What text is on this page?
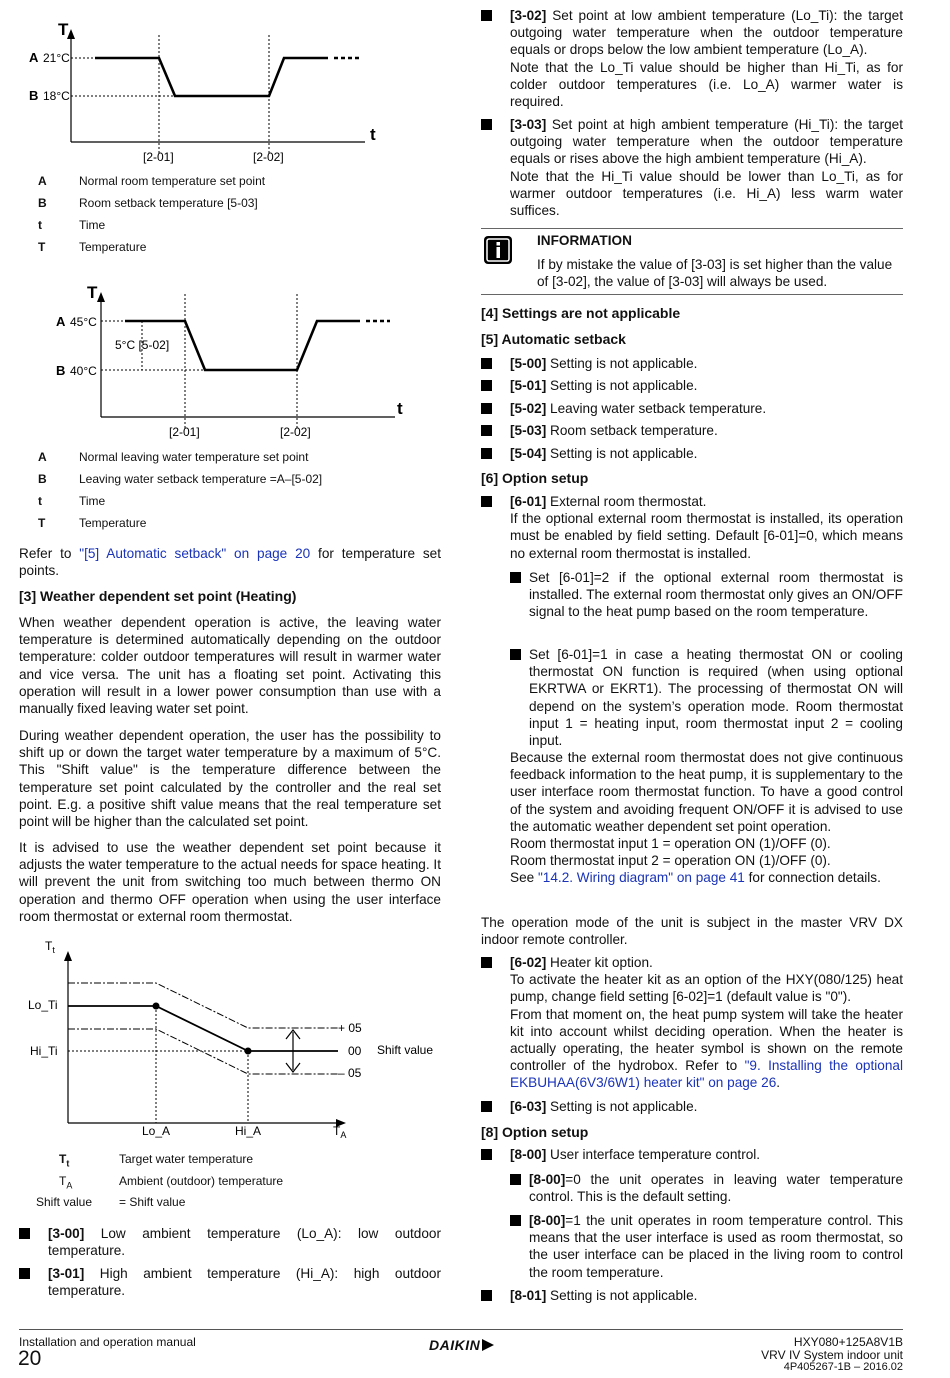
T
t
A 21°C
B 18°C
[2-01]	[2-02]
A	Normal room temperature set point
B	Room setback temperature [5-03]
t	Time
T	Temperature
T
t
A 45°C
B 40°C
5°C [5-02]
[2-01]	[2-02]
A	Normal leaving water temperature set point
B	Leaving water setback temperature =A–[5-02]
t	Time
T	Temperature

Refer to "[5] Automatic setback" on page 20 for temperature set points.

[3] Weather dependent set point (Heating)

When weather dependent operation is active, the leaving water temperature is determined automatically depending on the outdoor temperature: colder outdoor temperatures will result in warmer water and vice versa. The unit has a floating set point. Activating this operation will result in a lower power consumption than use with a manually fixed leaving water set point.

During weather dependent operation, the user has the possibility to shift up or down the target water temperature by a maximum of 5°C. This "Shift value" is the temperature difference between the temperature set point calculated by the controller and the real set point. E.g. a positive shift value means that the real temperature set point will be higher than the calculated set point.

It is advised to use the weather dependent set point because it adjusts the water temperature to the actual needs for space heating. It will prevent the unit from switching too much between thermo ON operation and thermo OFF operation when using the user interface room thermostat or external room thermostat.

$T_t$
Lo_Ti
Hi_Ti
+ 05
00
– 05
Shift value
Lo_A	Hi_A	$T_A$
$T_t$	Target water temperature
$T_A$	Ambient (outdoor) temperature
Shift value = Shift value
[3-00] Low ambient temperature (Lo_A): low outdoor temperature.
[3-01] High ambient temperature (Hi_A): high outdoor temperature.
[3-02] Set point at low ambient temperature (Lo_Ti): the target outgoing water temperature when the outdoor temperature equals or drops below the low ambient temperature (Lo_A).
Note that the Lo_Ti value should be higher than Hi_Ti, as for colder outdoor temperatures (i.e. Lo_A) warmer water is required.
[3-03] Set point at high ambient temperature (Hi_Ti): the target outgoing water temperature when the outdoor temperature equals or rises above the high ambient temperature (Hi_A).
Note that the Hi_Ti value should be lower than Lo_Ti, as for warmer outdoor temperatures (i.e. Hi_A) less warm water suffices.
INFORMATION
If by mistake the value of [3-03] is set higher than the value of [3-02], the value of [3-03] will always be used.

[4] Settings are not applicable

[5] Automatic setback

[5-00] Setting is not applicable.
[5-01] Setting is not applicable.
[5-02] Leaving water setback temperature.
[5-03] Room setback temperature.
[5-04] Setting is not applicable.

[6] Option setup

[6-01] External room thermostat.
If the optional external room thermostat is installed, its operation must be enabled by field setting. Default [6-01]=0, which means no external room thermostat is installed.
Set [6-01]=2 if the optional external room thermostat is installed. The external room thermostat only gives an ON/OFF signal to the heat pump based on the room temperature.
Set [6-01]=1 in case a heating thermostat ON or cooling thermostat ON function is required (when using optional EKRTWA or EKRT1). The processing of thermostat ON will depend on the system’s operation mode. Room thermostat input 1 = heating input, room thermostat input 2 = cooling input.
Because the external room thermostat does not give continuous feedback information to the heat pump, it is supplementary to the user interface room thermostat function. To have a good control of the system and avoiding frequent ON/OFF it is advised to use the automatic weather dependent set point operation.
Room thermostat input 1 = operation ON (1)/OFF (0).
Room thermostat input 2 = operation ON (1)/OFF (0).
See "14.2. Wiring diagram" on page 41 for connection details.

The operation mode of the unit is subject in the master VRV DX indoor remote controller.

[6-02] Heater kit option.
To activate the heater kit as an option of the HXY(080/125) heat pump, change field setting [6-02]=1 (default value is "0").
From that moment on, the heat pump system will take the heater kit into account whilst deciding operation. When the heater is actually operating, the heater symbol is shown on the remote controller of the hydrobox. Refer to "9. Installing the optional EKBUHAA(6V3/6W1) heater kit" on page 26.
[6-03] Setting is not applicable.

[8] Option setup

[8-00] User interface temperature control.
[8-00]=0 the unit operates in leaving water temperature control. This is the default setting.
[8-00]=1 the unit operates in room temperature control. This means that the user interface is used as room thermostat, so the user interface can be placed in the living room to control the room temperature.
[8-01] Setting is not applicable.
Installation and operation manual
20
DAIKIN	HXY080+125A8V1B
VRV IV System indoor unit
4P405267-1B – 2016.02
